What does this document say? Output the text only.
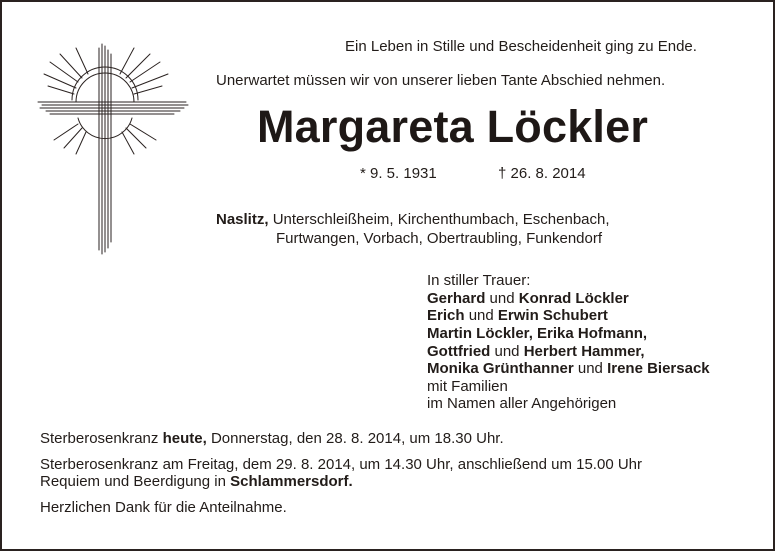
Ein Leben in Stille und Bescheidenheit ging zu Ende.
Unerwartet müssen wir von unserer lieben Tante Abschied nehmen.
Margareta Löckler
* 9. 5. 1931	† 26. 8. 2014
Naslitz, Unterschleißheim, Kirchenthumbach, Eschenbach,
Furtwangen, Vorbach, Obertraubling, Funkendorf
In stiller Trauer:
Gerhard und Konrad Löckler
Erich und Erwin Schubert
Martin Löckler, Erika Hofmann,
Gottfried und Herbert Hammer,
Monika Grünthanner und Irene Biersack
mit Familien
im Namen aller Angehörigen
Sterberosenkranz heute, Donnerstag, den 28. 8. 2014, um 18.30 Uhr.
Sterberosenkranz am Freitag, dem 29. 8. 2014, um 14.30 Uhr, anschließend um 15.00 Uhr
Requiem und Beerdigung in Schlammersdorf.
Herzlichen Dank für die Anteilnahme.
